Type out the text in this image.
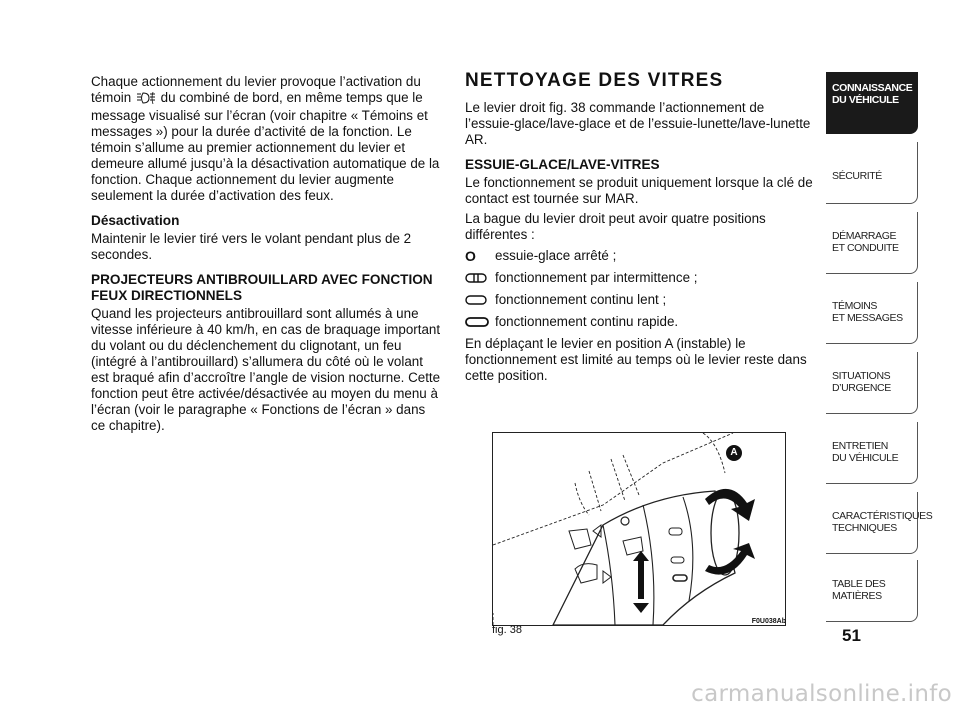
Chaque actionnement du levier provoque l’activation du témoin du combiné de bord, en même temps que le message visualisé sur l’écran (voir chapitre « Témoins et messages ») pour la durée d’activité de la fonction. Le témoin s’allume au premier actionnement du levier et demeure allumé jusqu’à la désactivation automatique de la fonction. Chaque actionnement du levier augmente seulement la durée d’activation des feux.

Désactivation

Maintenir le levier tiré vers le volant pendant plus de 2 secondes.

PROJECTEURS ANTIBROUILLARD AVEC FONCTION FEUX DIRECTIONNELS

Quand les projecteurs antibrouillard sont allumés à une vitesse inférieure à 40 km/h, en cas de braquage important du volant ou du déclenchement du clignotant, un feu (intégré à l’antibrouillard) s’allumera du côté où le volant est braqué afin d’accroître l’angle de vision nocturne. Cette fonction peut être activée/désactivée au moyen du menu à l’écran (voir le paragraphe « Fonctions de l’écran » dans ce chapitre).

NETTOYAGE DES VITRES

Le levier droit fig. 38 commande l’actionnement de l’essuie-glace/lave-glace et de l’essuie-lunette/lave-lunette AR.

ESSUIE-GLACE/LAVE-VITRES

Le fonctionnement se produit uniquement lorsque la clé de contact est tournée sur MAR.

La bague du levier droit peut avoir quatre positions différentes :

O essuie-glace arrêté ;
fonctionnement par intermittence ;
fonctionnement continu lent ;
fonctionnement continu rapide.

En déplaçant le levier en position A (instable) le fonctionnement est limité au temps où le levier reste dans cette position.

A
fig. 38
F0U038Ab
CONNAISSANCE
DU VÉHICULE
SÉCURITÉ
DÉMARRAGE
ET CONDUITE
TÉMOINS
ET MESSAGES
SITUATIONS
D’URGENCE
ENTRETIEN
DU VÉHICULE
CARACTÉRISTIQUES
TECHNIQUES
TABLE DES
MATIÈRES
51
carmanualsonline.info
